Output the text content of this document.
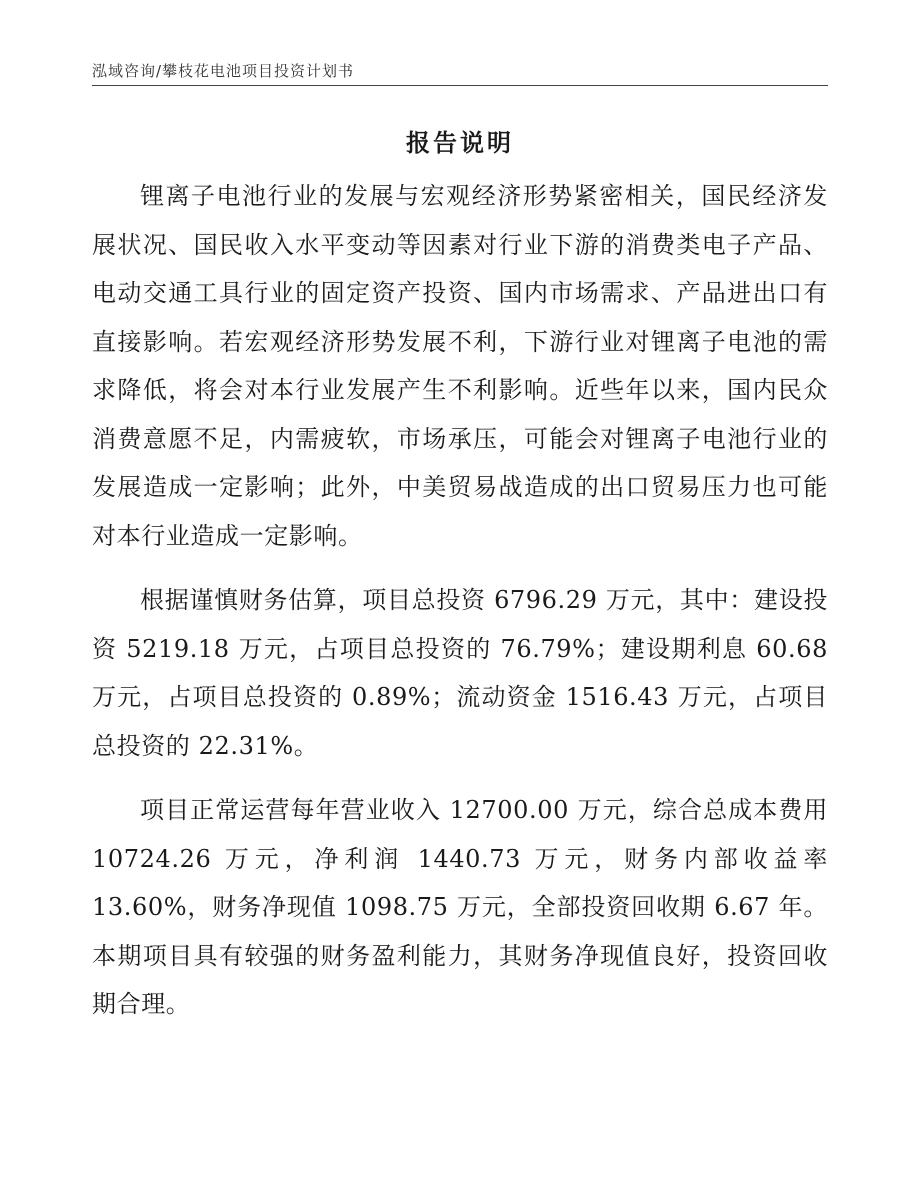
泓域咨询/攀枝花电池项目投资计划书
报告说明

锂离子电池行业的发展与宏观经济形势紧密相关，国民经济发展状况、国民收入水平变动等因素对行业下游的消费类电子产品、电动交通工具行业的固定资产投资、国内市场需求、产品进出口有直接影响。若宏观经济形势发展不利，下游行业对锂离子电池的需求降低，将会对本行业发展产生不利影响。近些年以来，国内民众消费意愿不足，内需疲软，市场承压，可能会对锂离子电池行业的发展造成一定影响；此外，中美贸易战造成的出口贸易压力也可能对本行业造成一定影响。

根据谨慎财务估算，项目总投资 6796.29 万元，其中：建设投资 5219.18 万元，占项目总投资的 76.79%；建设期利息 60.68 万元，占项目总投资的 0.89%；流动资金 1516.43 万元，占项目总投资的 22.31%。

项目正常运营每年营业收入 12700.00 万元，综合总成本费用 10724.26 万元，净利润 1440.73 万元，财务内部收益率 13.60%，财务净现值 1098.75 万元，全部投资回收期 6.67 年。本期项目具有较强的财务盈利能力，其财务净现值良好，投资回收期合理。
